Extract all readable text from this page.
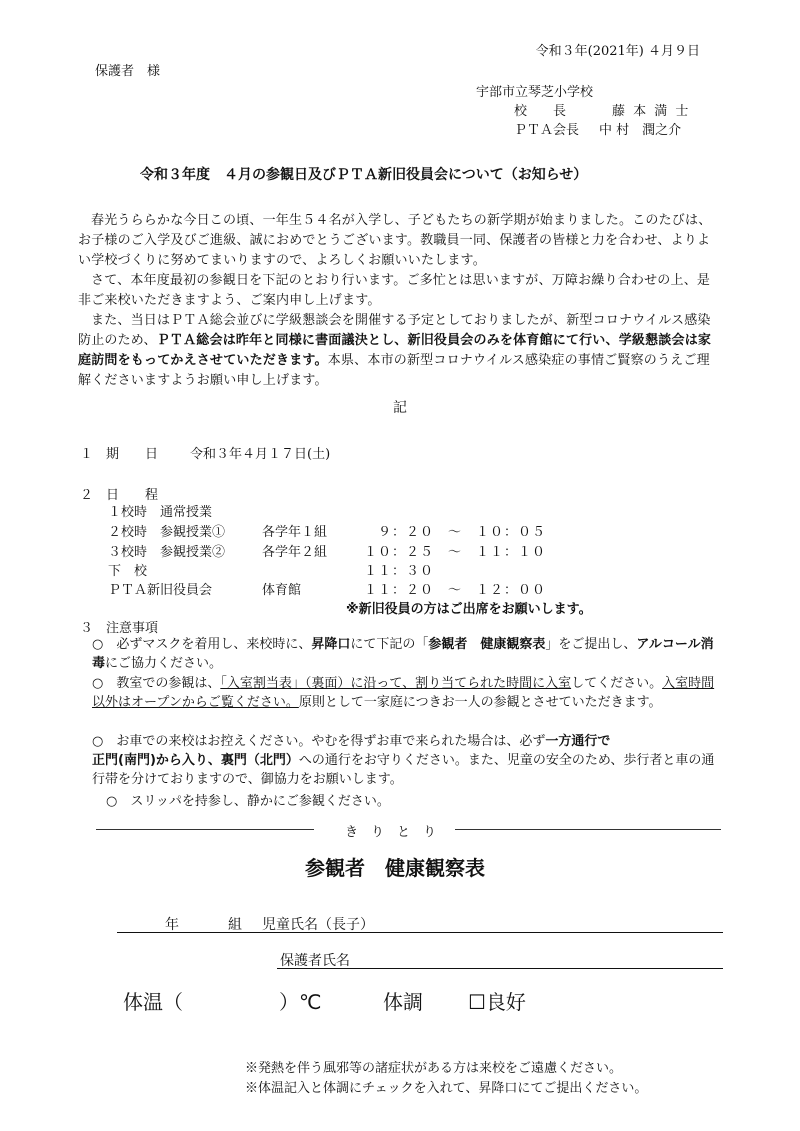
令和３年(2021年) ４月９日
保護者　様
宇部市立琴芝小学校
校　　長	藤 本 満 士
ＰＴＡ会長 中 村　潤之介
令和３年度　４月の参観日及びＰＴＡ新旧役員会について（お知らせ）

春光うららかな今日この頃、一年生５４名が入学し、子どもたちの新学期が始まりました。このたびは、お子様のご入学及びご進級、誠におめでとうございます。教職員一同、保護者の皆様と力を合わせ、よりよい学校づくりに努めてまいりますので、よろしくお願いいたします。

さて、本年度最初の参観日を下記のとおり行います。ご多忙とは思いますが、万障お繰り合わせの上、是非ご来校いただきますよう、ご案内申し上げます。

また、当日はＰＴＡ総会並びに学級懇談会を開催する予定としておりましたが、新型コロナウイルス感染防止のため、ＰＴＡ総会は昨年と同様に書面議決とし、新旧役員会のみを体育館にて行い、学級懇談会は家庭訪問をもってかえさせていただきます。本県、本市の新型コロナウイルス感染症の事情ご賢察のうえご理解くださいますようお願い申し上げます。

記
１　期　　日 令和３年４月１７日(土)
２　日　　程
１校時　通常授業
２校時　参観授業①	各学年１組	９：２０　～　１０：０５
３校時　参観授業②	各学年２組	１０：２５　～　１１：１０
下　校	１１：３０
ＰＴＡ新旧役員会	体育館	１１：２０　～　１２：００
※新旧役員の方はご出席をお願いします。
３　注意事項
○　必ずマスクを着用し、来校時に、昇降口にて下記の「参観者　健康観察表」をご提出し、アルコール消毒にご協力ください。
○　教室での参観は、「入室割当表」（裏面）に沿って、割り当てられた時間に入室してください。入室時間以外はオープンからご覧ください。原則として一家庭につきお一人の参観とさせていただきます。
○　お車での来校はお控えください。やむを得ずお車で来られた場合は、必ず一方通行で
正門(南門)から入り、裏門（北門）への通行をお守りください。また、児童の安全のため、歩行者と車の通行帯を分けておりますので、御協力をお願いします。
○　スリッパを持参し、静かにご参観ください。
き　り　と　り
参観者　健康観察表
年	組 児童氏名（長子）
保護者氏名
体温（	）℃	体調 ☐良好
※発熱を伴う風邪等の諸症状がある方は来校をご遠慮ください。
※体温記入と体調にチェックを入れて、昇降口にてご提出ください。
